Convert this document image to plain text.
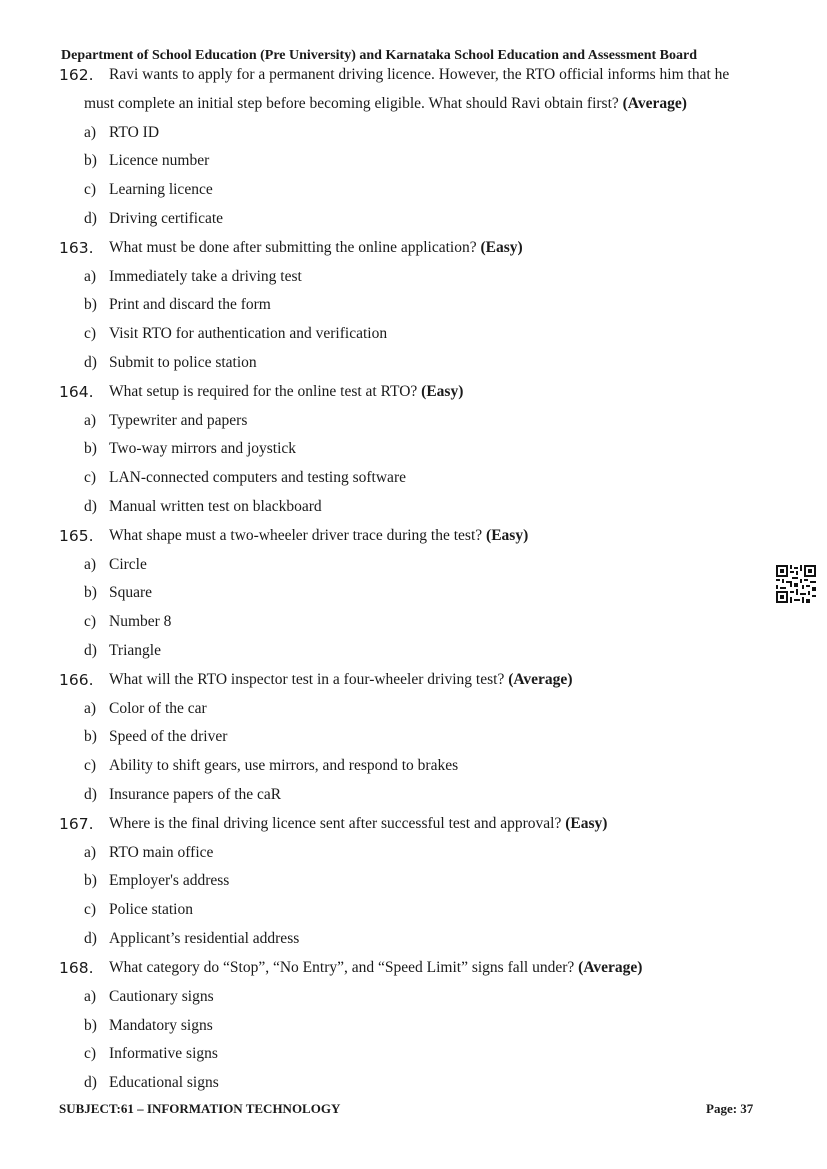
Department of School Education (Pre University) and Karnataka School Education and Assessment Board
162. Ravi wants to apply for a permanent driving licence. However, the RTO official informs him that he
must complete an initial step before becoming eligible. What should Ravi obtain first? (Average)
a) RTO ID
b) Licence number
c) Learning licence
d) Driving certificate
163. What must be done after submitting the online application? (Easy)
a) Immediately take a driving test
b) Print and discard the form
c) Visit RTO for authentication and verification
d) Submit to police station
164. What setup is required for the online test at RTO? (Easy)
a) Typewriter and papers
b) Two-way mirrors and joystick
c) LAN-connected computers and testing software
d) Manual written test on blackboard
165. What shape must a two-wheeler driver trace during the test? (Easy)
a) Circle
b) Square
c) Number 8
d) Triangle
166. What will the RTO inspector test in a four-wheeler driving test? (Average)
a) Color of the car
b) Speed of the driver
c) Ability to shift gears, use mirrors, and respond to brakes
d) Insurance papers of the caR
167. Where is the final driving licence sent after successful test and approval? (Easy)
a) RTO main office
b) Employer's address
c) Police station
d) Applicant’s residential address
168. What category do “Stop”, “No Entry”, and “Speed Limit” signs fall under? (Average)
a) Cautionary signs
b) Mandatory signs
c) Informative signs
d) Educational signs
SUBJECT:61 – INFORMATION TECHNOLOGY	Page: 37
